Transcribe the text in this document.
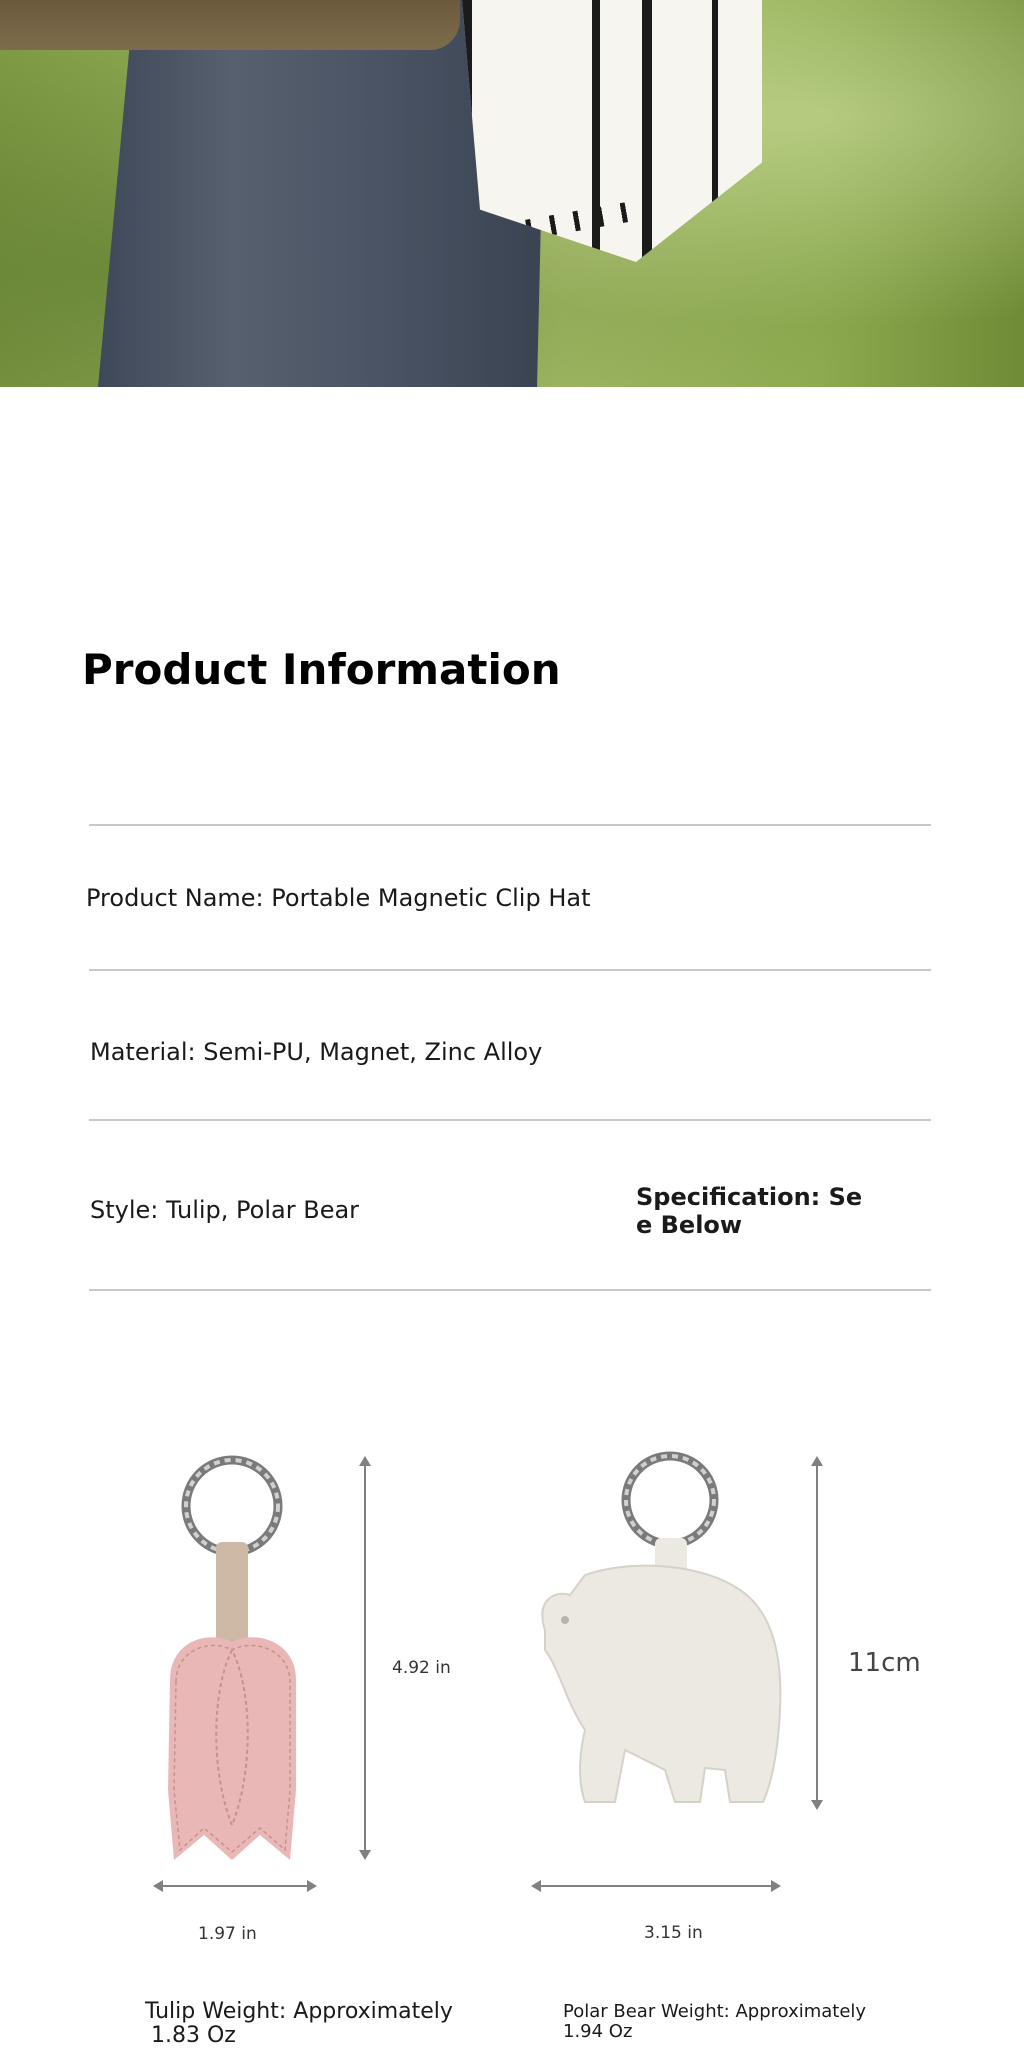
Product Information
Product Name: Portable Magnetic Clip Hat
Material: Semi-PU, Magnet, Zinc Alloy
Style: Tulip, Polar Bear	Specification: See Below
4.92 in
1.97 in
Tulip Weight: Approximately
1.83 Oz
11cm
3.15 in
Polar Bear Weight: Approximately
1.94 Oz
